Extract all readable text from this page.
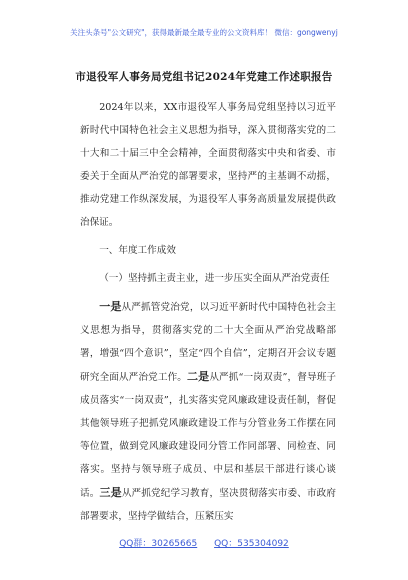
关注头条号"公文研究"，获得最新最全最专业的公文资料库！ 微信：gongwenyj
市退役军人事务局党组书记2024年党建工作述职报告

2024年以来，XX市退役军人事务局党组坚持以习近平新时代中国特色社会主义思想为指导，深入贯彻落实党的二十大和二十届三中全会精神，全面贯彻落实中央和省委、市委关于全面从严治党的部署要求，坚持严的主基调不动摇，推动党建工作纵深发展，为退役军人事务高质量发展提供政治保证。

一、年度工作成效

（一）坚持抓主责主业，进一步压实全面从严治党责任

一是从严抓管党治党，以习近平新时代中国特色社会主义思想为指导，贯彻落实党的二十大全面从严治党战略部署，增强“四个意识”，坚定“四个自信”，定期召开会议专题研究全面从严治党工作。二是从严抓“一岗双责”，督导班子成员落实“一岗双责”，扎实落实党风廉政建设责任制，督促其他领导班子把抓党风廉政建设工作与分管业务工作摆在同等位置，做到党风廉政建设同分管工作同部署、同检查、同落实。坚持与领导班子成员、中层和基层干部进行谈心谈话。三是从严抓党纪学习教育，坚决贯彻落实市委、市政府部署要求，坚持学做结合，压紧压实

QQ群：30265665 QQ：535304092
